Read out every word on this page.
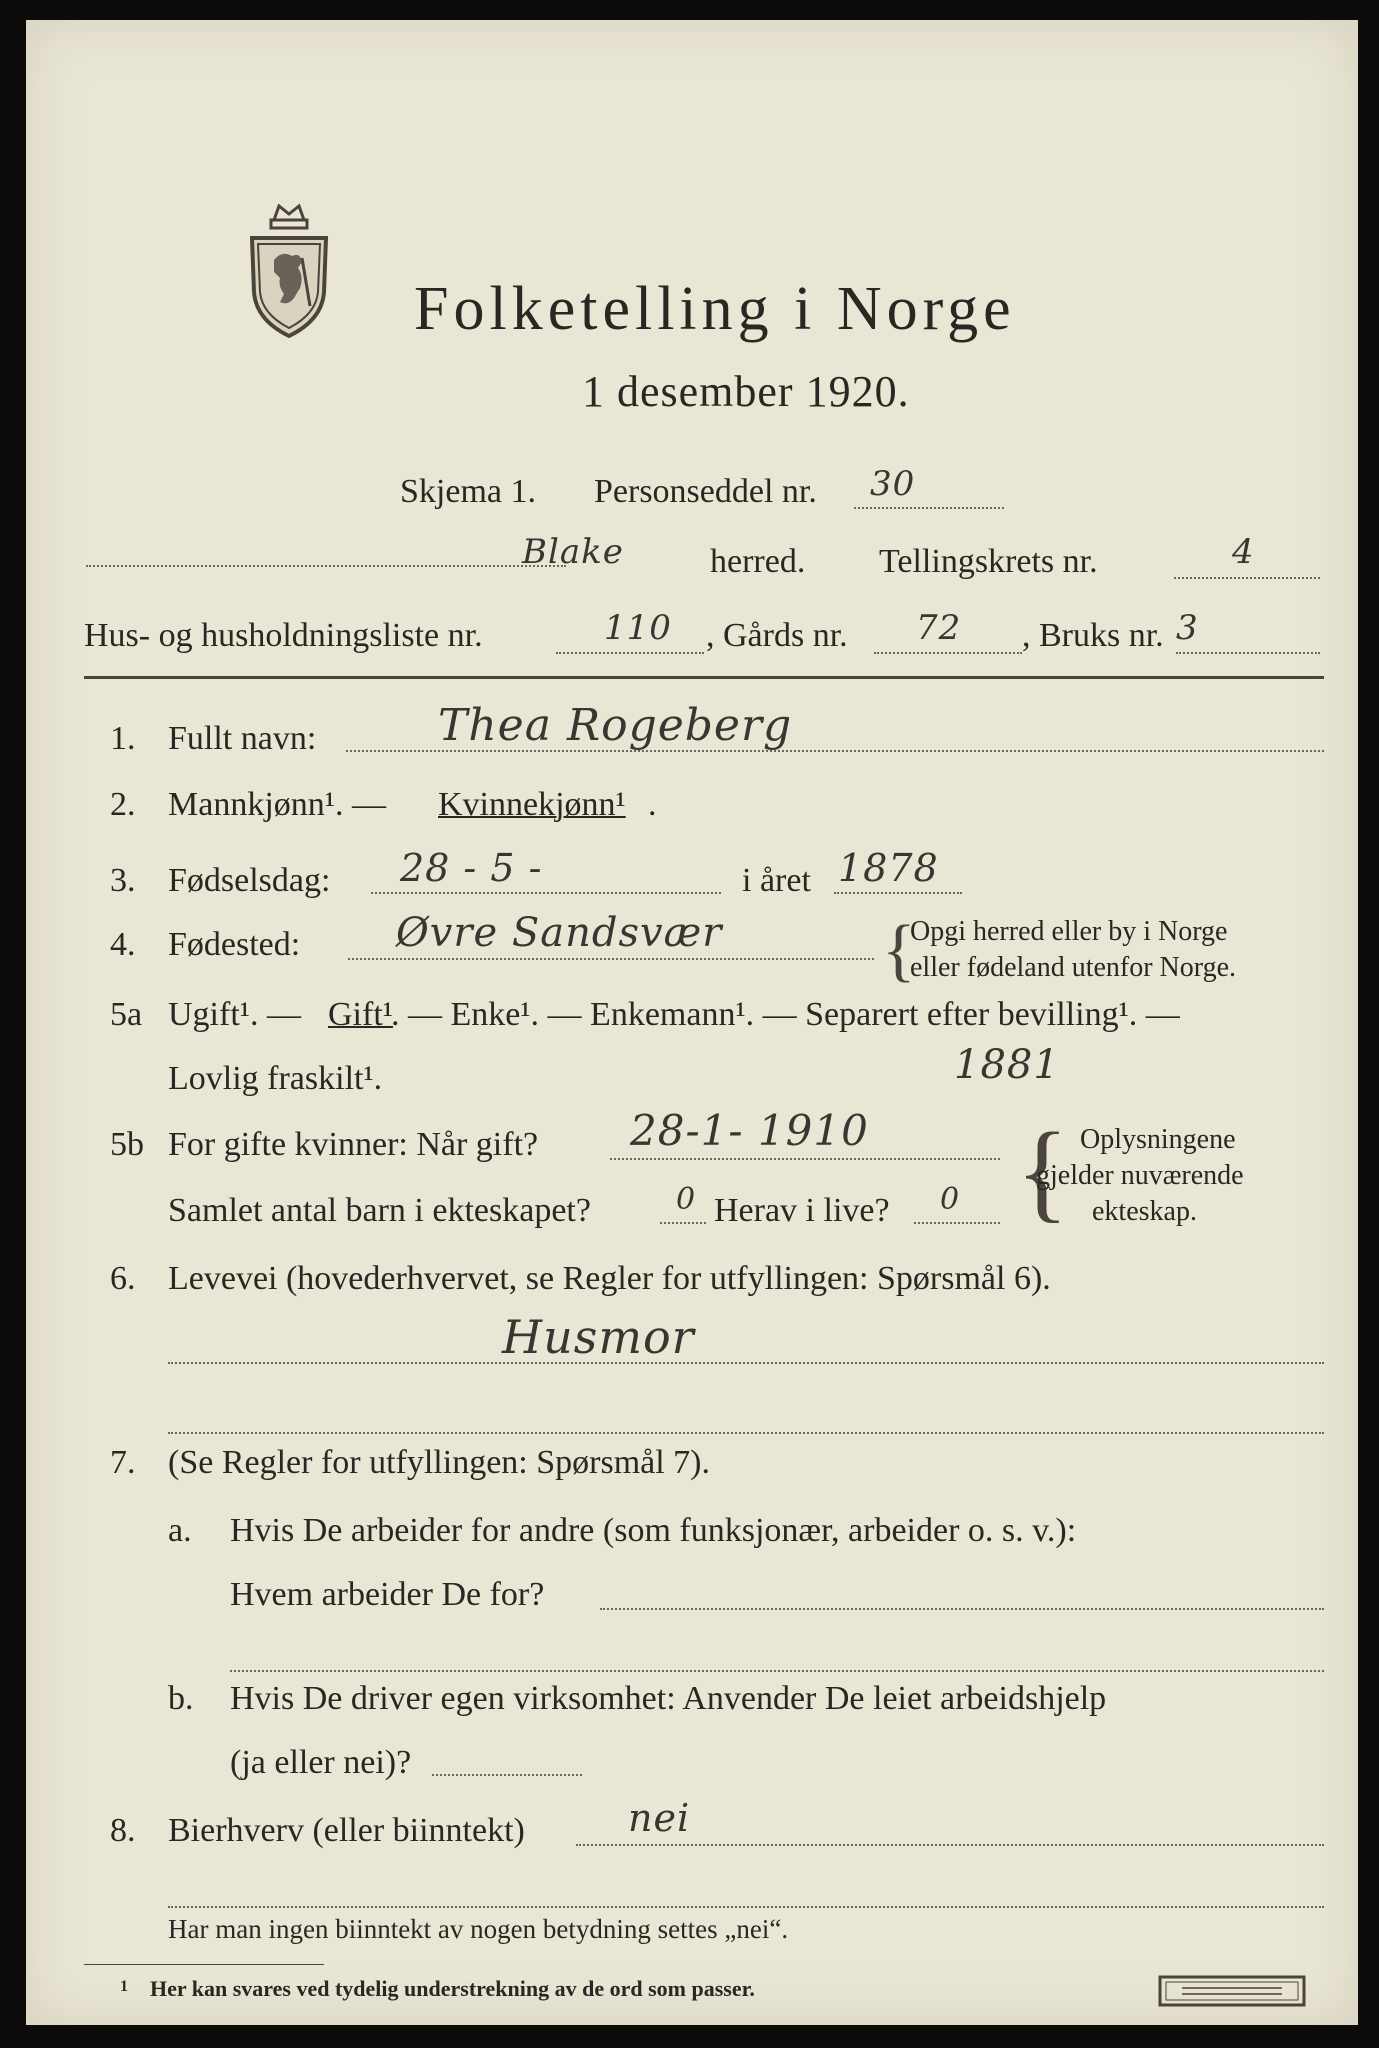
Folketelling i Norge
1 desember 1920.
Skjema 1. Personseddel nr. 30
Blake	herred. Tellingskrets nr.	4
Hus- og husholdningsliste nr.	110 , Gårds nr. 72 , Bruks nr. 3
1. Fullt navn:	Thea Rogeberg
2. Mannkjønn¹. — Kvinnekjønn¹ .
3. Fødselsdag: 28 - 5 -	i året 1878
4. Fødested: Øvre Sandsvær {
Opgi herred eller by i Norge
eller fødeland utenfor Norge.
5a Ugift¹. — Gift¹
. — Enke¹. — Enkemann¹. — Separert efter bevilling¹. —
Lovlig fraskilt¹.	1881
5b For gifte kvinner: Når gift? 28-1- 1910
Samlet antal barn i ekteskapet?	0 Herav i live? 0 { Oplysningene
gjelder nuværende
ekteskap.
6. Levevei (hovederhvervet, se Regler for utfyllingen: Spørsmål 6).
Husmor
7. (Se Regler for utfyllingen: Spørsmål 7).
a. Hvis De arbeider for andre (som funksjonær, arbeider o. s. v.):
Hvem arbeider De for?
b. Hvis De driver egen virksomhet: Anvender De leiet arbeidshjelp
(ja eller nei)?
8. Bierhverv (eller biinntekt)	nei
Har man ingen biinntekt av nogen betydning settes „nei“.
1 Her kan svares ved tydelig understrekning av de ord som passer.
